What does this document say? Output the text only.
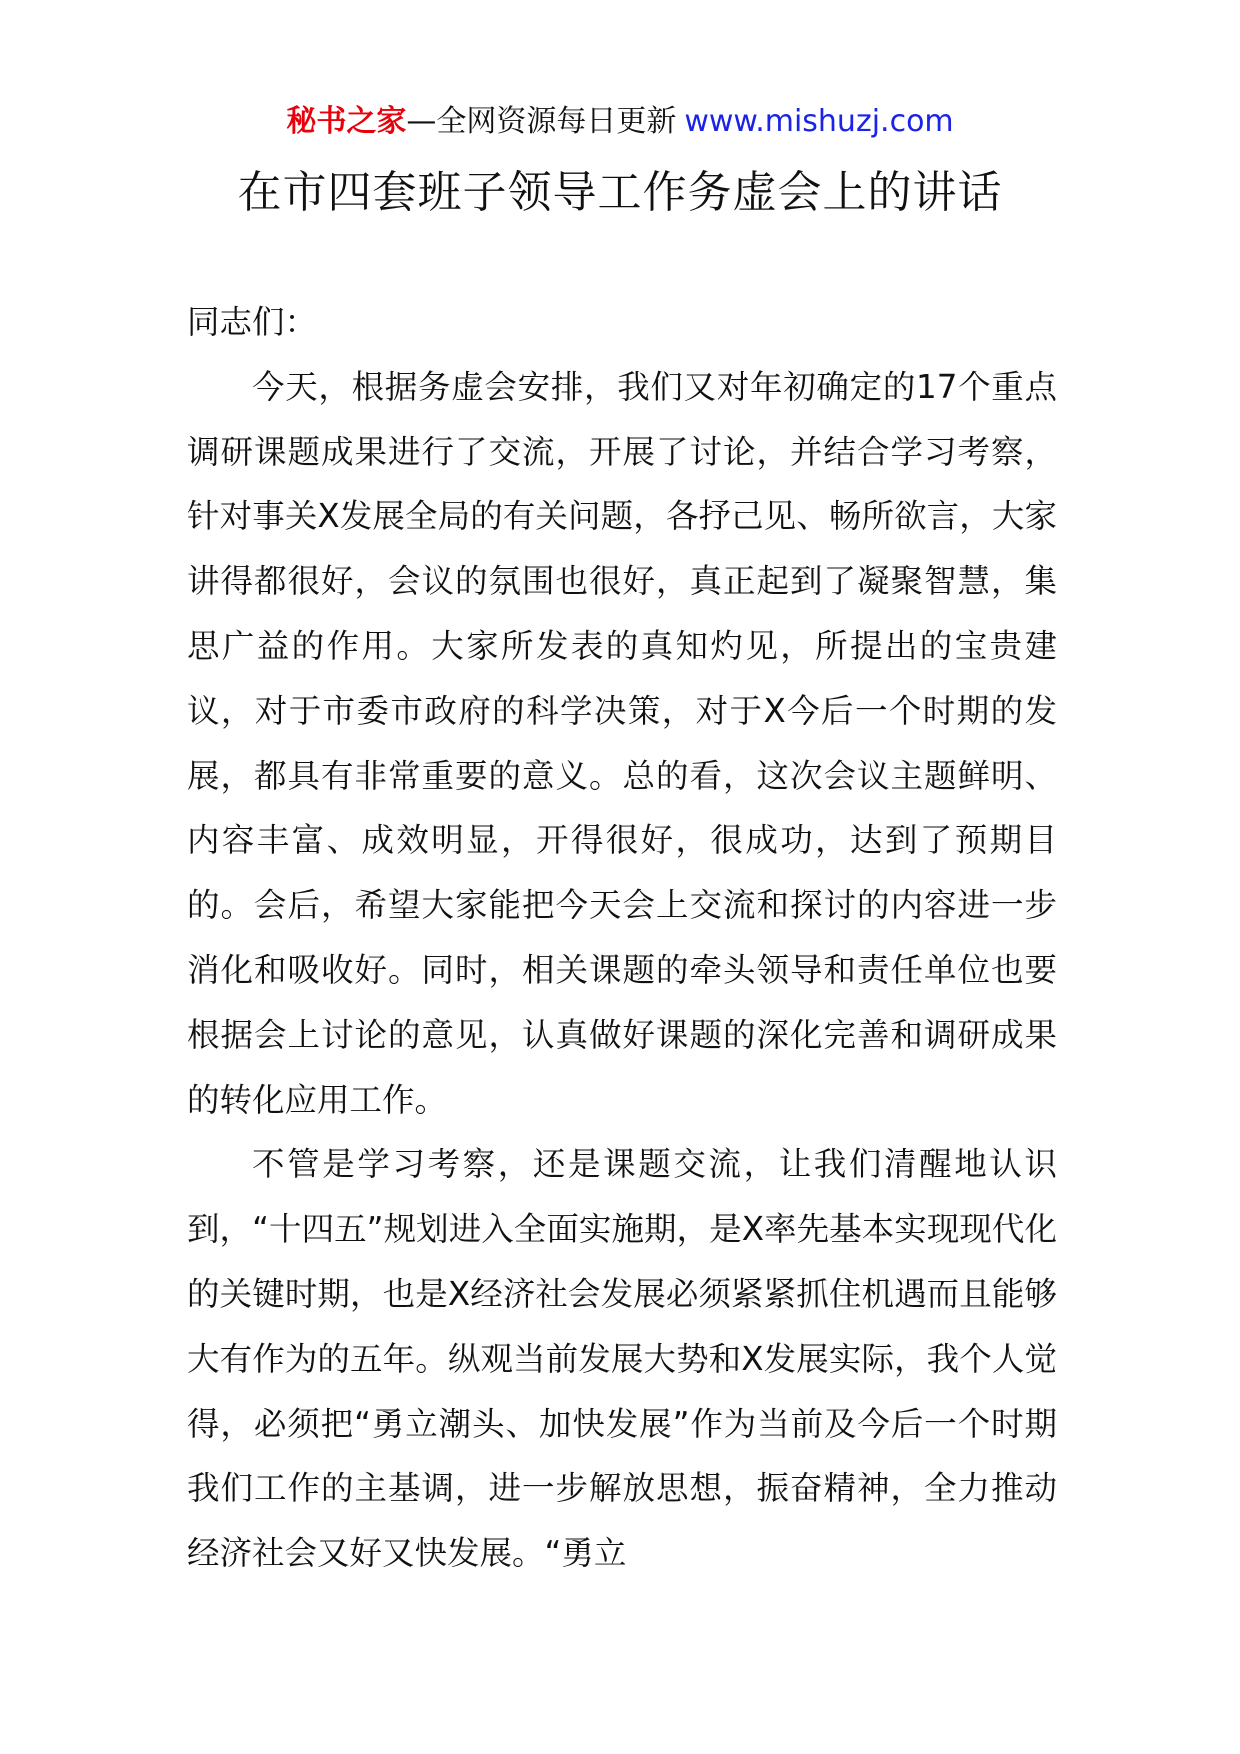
秘书之家—全网资源每日更新 www.mishuzj.com
在市四套班子领导工作务虚会上的讲话

同志们：

今天，根据务虚会安排，我们又对年初确定的17个重点调研课题成果进行了交流，开展了讨论，并结合学习考察，针对事关X发展全局的有关问题，各抒己见、畅所欲言，大家讲得都很好，会议的氛围也很好，真正起到了凝聚智慧，集思广益的作用。大家所发表的真知灼见，所提出的宝贵建议，对于市委市政府的科学决策，对于X今后一个时期的发展，都具有非常重要的意义。总的看，这次会议主题鲜明、内容丰富、成效明显，开得很好，很成功，达到了预期目的。会后，希望大家能把今天会上交流和探讨的内容进一步消化和吸收好。同时，相关课题的牵头领导和责任单位也要根据会上讨论的意见，认真做好课题的深化完善和调研成果的转化应用工作。

不管是学习考察，还是课题交流，让我们清醒地认识到，“十四五”规划进入全面实施期，是X率先基本实现现代化的关键时期，也是X经济社会发展必须紧紧抓住机遇而且能够大有作为的五年。纵观当前发展大势和X发展实际，我个人觉得，必须把“勇立潮头、加快发展”作为当前及今后一个时期我们工作的主基调，进一步解放思想，振奋精神，全力推动经济社会又好又快发展。“勇立
